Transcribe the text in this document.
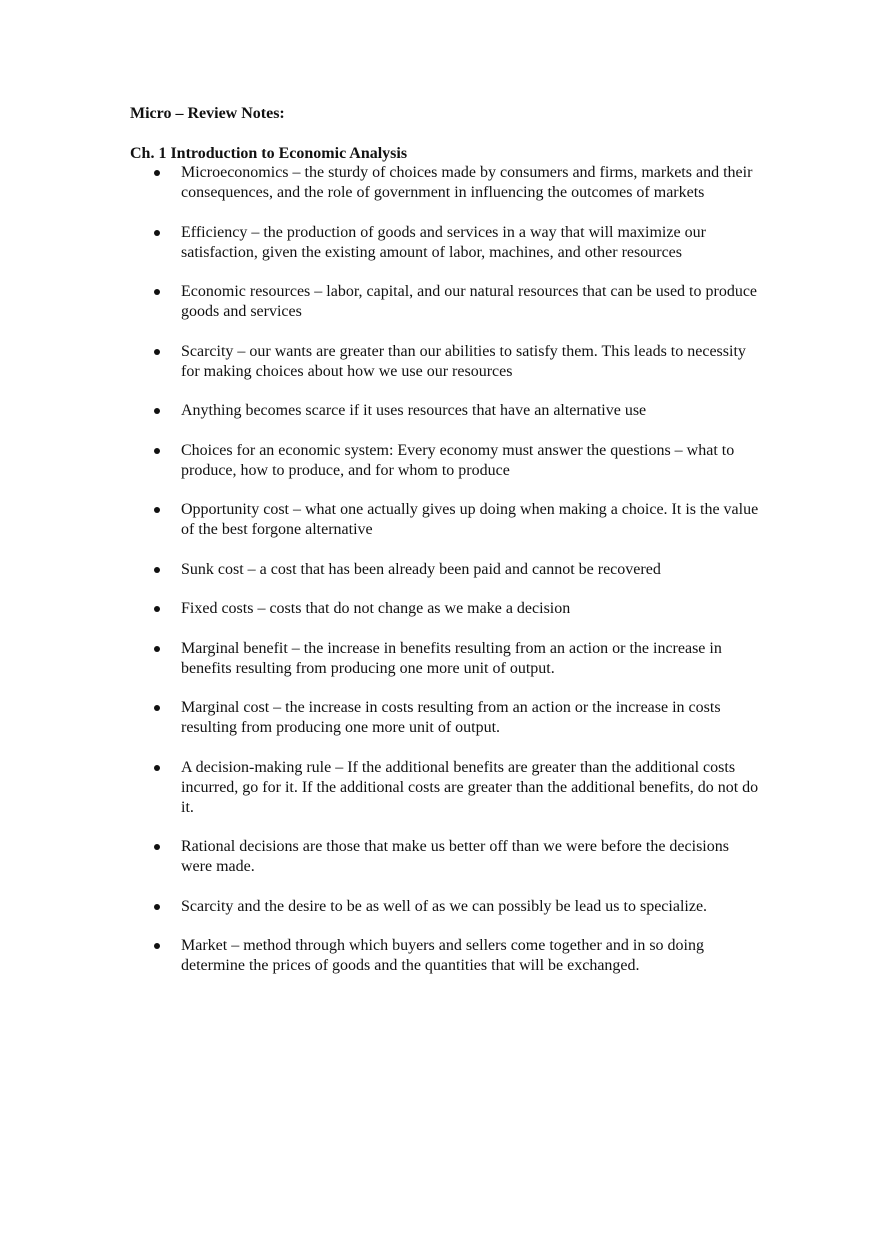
Micro – Review Notes:
Ch. 1 Introduction to Economic Analysis
Microeconomics – the sturdy of choices made by consumers and firms, markets and their consequences, and the role of government in influencing the outcomes of markets
Efficiency – the production of goods and services in a way that will maximize our satisfaction, given the existing amount of labor, machines, and other resources
Economic resources – labor, capital, and our natural resources that can be used to produce goods and services
Scarcity – our wants are greater than our abilities to satisfy them. This leads to necessity for making choices about how we use our resources
Anything becomes scarce if it uses resources that have an alternative use
Choices for an economic system: Every economy must answer the questions – what to produce, how to produce, and for whom to produce
Opportunity cost – what one actually gives up doing when making a choice. It is the value of the best forgone alternative
Sunk cost – a cost that has been already been paid and cannot be recovered
Fixed costs – costs that do not change as we make a decision
Marginal benefit – the increase in benefits resulting from an action or the increase in benefits resulting from producing one more unit of output.
Marginal cost – the increase in costs resulting from an action or the increase in costs resulting from producing one more unit of output.
A decision-making rule – If the additional benefits are greater than the additional costs incurred, go for it. If the additional costs are greater than the additional benefits, do not do it.
Rational decisions are those that make us better off than we were before the decisions were made.
Scarcity and the desire to be as well of as we can possibly be lead us to specialize.
Market – method through which buyers and sellers come together and in so doing determine the prices of goods and the quantities that will be exchanged.
